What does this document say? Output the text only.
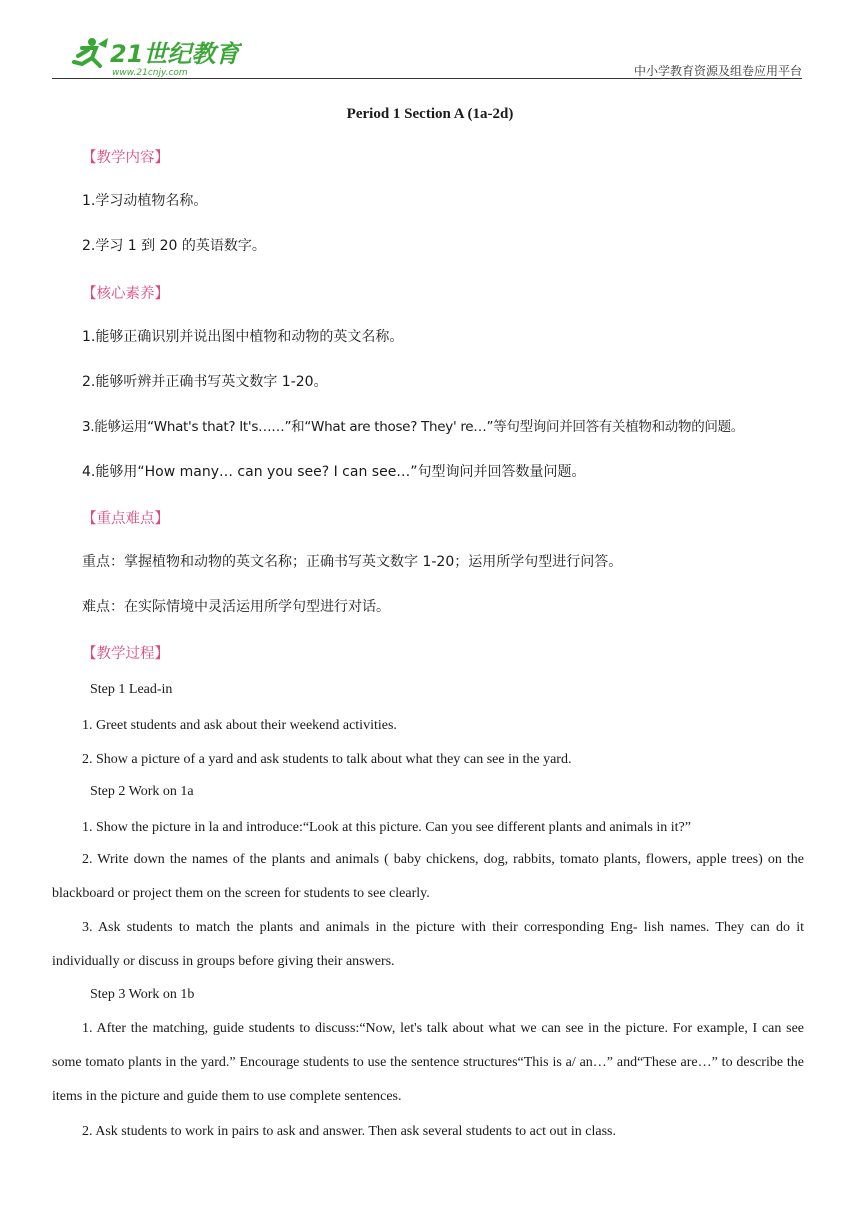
21世纪教育
www.21cnjy.com	中小学教育资源及组卷应用平台
Period 1 Section A (1a-2d)
【教学内容】
1.学习动植物名称。
2.学习 1 到 20 的英语数字。
【核心素养】
1.能够正确识别并说出图中植物和动物的英文名称。
2.能够听辨并正确书写英文数字 1-20。
3.能够运用“What's that? It's……”和“What are those? They' re…”等句型询问并回答有关植物和动物的问题。
4.能够用“How many… can you see? I can see…”句型询问并回答数量问题。
【重点难点】
重点：掌握植物和动物的英文名称；正确书写英文数字 1-20；运用所学句型进行问答。
难点：在实际情境中灵活运用所学句型进行对话。
【教学过程】
Step 1 Lead-in
1. Greet students and ask about their weekend activities.
2. Show a picture of a yard and ask students to talk about what they can see in the yard.
Step 2 Work on 1a
1. Show the picture in la and introduce:“Look at this picture. Can you see different plants and animals in it?”
2. Write down the names of the plants and animals ( baby chickens, dog, rabbits, tomato plants, flowers, apple trees) on the blackboard or project them on the screen for students to see clearly.
3. Ask students to match the plants and animals in the picture with their corresponding Eng- lish names. They can do it individually or discuss in groups before giving their answers.
Step 3 Work on 1b
1. After the matching, guide students to discuss:“Now, let's talk about what we can see in the picture. For example, I can see some tomato plants in the yard.” Encourage students to use the sentence structures“This is a/ an…” and“These are…” to describe the items in the picture and guide them to use complete sentences.
2. Ask students to work in pairs to ask and answer. Then ask several students to act out in class.
